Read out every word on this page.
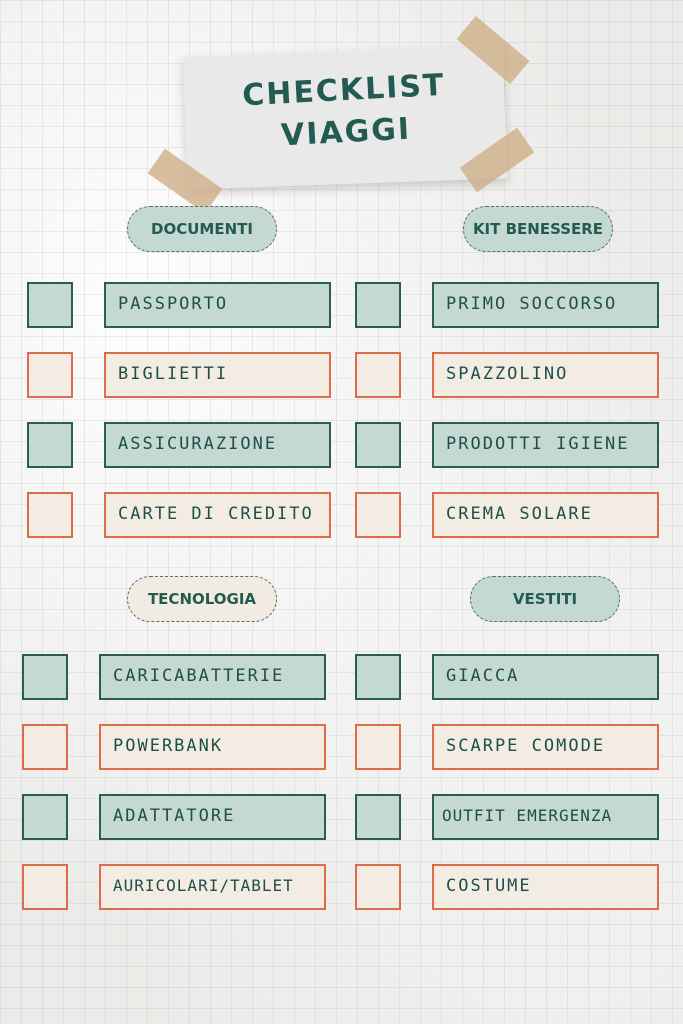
CHECKLIST
VIAGGI
DOCUMENTI	KIT BENESSERE
TECNOLOGIA	VESTITI
PASSPORTO
BIGLIETTI
ASSICURAZIONE
CARTE DI CREDITO
PRIMO SOCCORSO
SPAZZOLINO
PRODOTTI IGIENE
CREMA SOLARE
CARICABATTERIE
POWERBANK
ADATTATORE
AURICOLARI/TABLET
GIACCA
SCARPE COMODE
OUTFIT EMERGENZA
COSTUME
